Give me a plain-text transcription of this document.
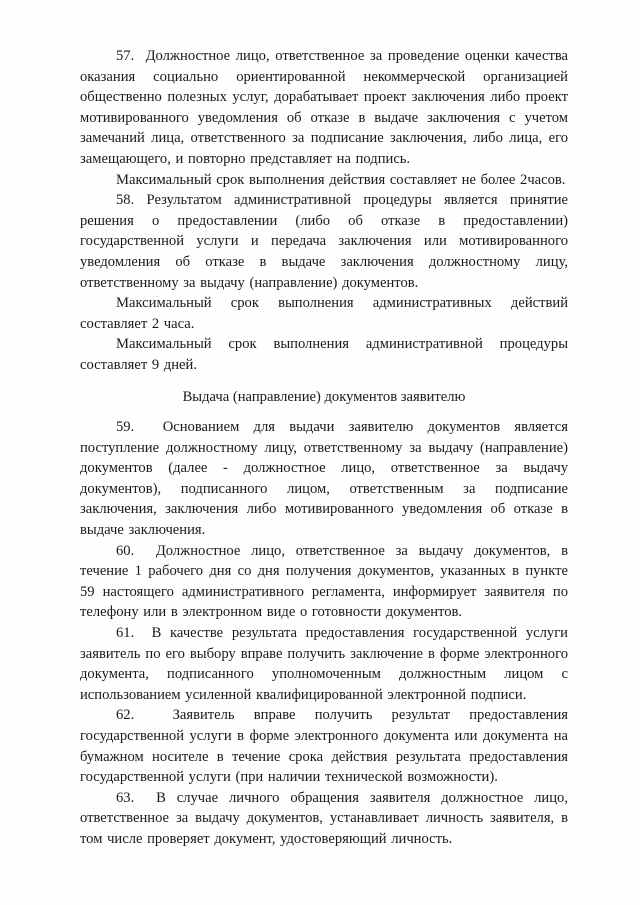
57.  Должностное лицо, ответственное за проведение оценки качества оказания социально ориентированной некоммерческой организацией общественно полезных услуг, дорабатывает проект заключения либо проект мотивированного уведомления об отказе в выдаче заключения с учетом замечаний лица, ответственного за подписание заключения, либо лица, его замещающего, и повторно представляет на подпись.

Максимальный срок выполнения действия составляет не более 2часов.

58. Результатом административной процедуры является принятие решения о предоставлении (либо об отказе в предоставлении) государственной услуги и передача заключения или мотивированного уведомления об отказе в выдаче заключения должностному лицу, ответственному за выдачу (направление) документов.

Максимальный срок выполнения административных действий составляет 2 часа.

Максимальный срок выполнения административной процедуры составляет 9 дней.

Выдача (направление) документов заявителю

59.  Основанием для выдачи заявителю документов является поступление должностному лицу, ответственному за выдачу (направление) документов (далее - должностное лицо, ответственное за выдачу документов), подписанного лицом, ответственным за подписание заключения, заключения либо мотивированного уведомления об отказе в выдаче заключения.

60.  Должностное лицо, ответственное за выдачу документов, в течение 1 рабочего дня со дня получения документов, указанных в пункте 59 настоящего административного регламента, информирует заявителя по телефону или в электронном виде о готовности документов.

61.  В качестве результата предоставления государственной услуги заявитель по его выбору вправе получить заключение в форме электронного документа, подписанного уполномоченным должностным лицом с использованием усиленной квалифицированной электронной подписи.

62.  Заявитель вправе получить результат предоставления государственной услуги в форме электронного документа или документа на бумажном носителе в течение срока действия результата предоставления государственной услуги (при наличии технической возможности).

63.  В случае личного обращения заявителя должностное лицо, ответственное за выдачу документов, устанавливает личность заявителя, в том числе проверяет документ, удостоверяющий личность.
